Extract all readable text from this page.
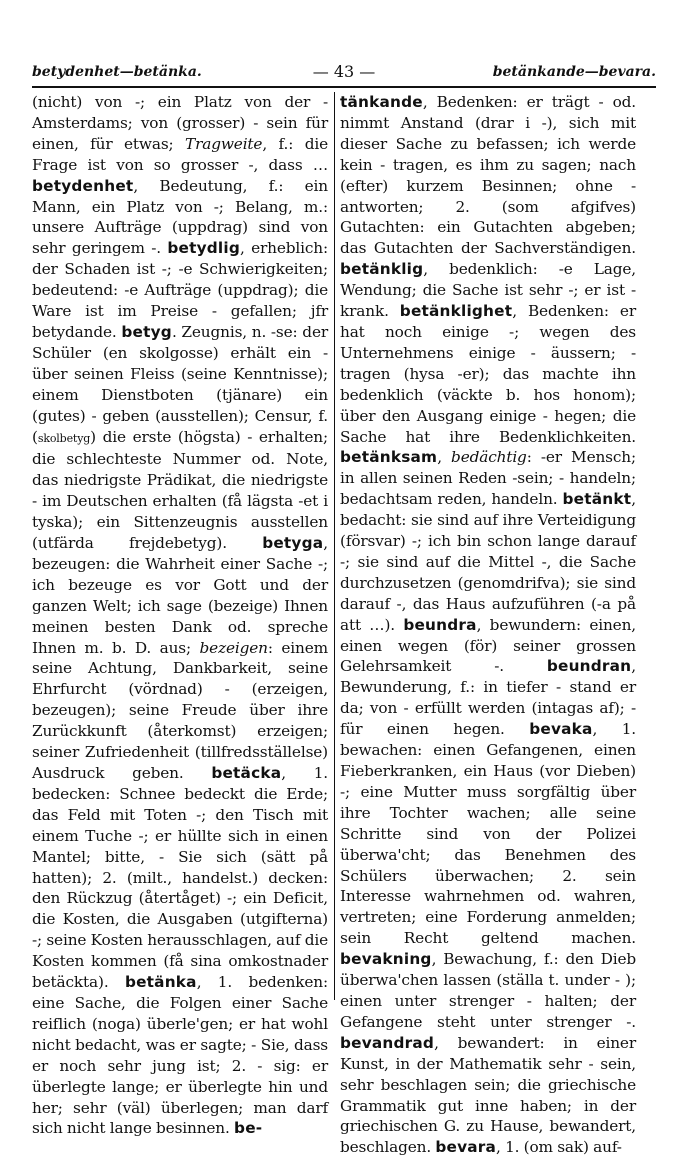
betydenhet—betänka.	— 43 —	betänkande—bevara.

(nicht) von -; ein Platz von der - Amsterdams; von (grosser) - sein für einen, für etwas; Tragweite, f.: die Frage ist von so grosser -, dass … betydenhet, Bedeutung, f.: ein Mann, ein Platz von -; Belang, m.: unsere Aufträge (uppdrag) sind von sehr geringem -. betydlig, erheblich: der Schaden ist -; -e Schwierigkeiten; bedeutend: -e Aufträge (uppdrag); die Ware ist im Preise - gefallen; jfr betydande. betyg. Zeugnis, n. -se: der Schüler (en skolgosse) erhält ein - über seinen Fleiss (seine Kenntnisse); einem Dienstboten (tjänare) ein (gutes) - geben (ausstellen); Censur, f. (skolbetyg) die erste (högsta) - erhalten; die schlechteste Nummer od. Note, das niedrigste Prädikat, die niedrigste - im Deutschen erhalten (få lägsta -et i tyska); ein Sittenzeugnis ausstellen (utfärda frejdebetyg). betyga, bezeugen: die Wahrheit einer Sache -; ich bezeuge es vor Gott und der ganzen Welt; ich sage (bezeige) Ihnen meinen besten Dank od. spreche Ihnen m. b. D. aus; bezeigen: einem seine Achtung, Dankbarkeit, seine Ehrfurcht (vördnad) - (erzeigen, bezeugen); seine Freude über ihre Zurückkunft (återkomst) erzeigen; seiner Zufriedenheit (tillfredsställelse) Ausdruck geben. betäcka, 1. bedecken: Schnee bedeckt die Erde; das Feld mit Toten -; den Tisch mit einem Tuche -; er hüllte sich in einen Mantel; bitte, - Sie sich (sätt på hatten); 2. (milt., handelst.) decken: den Rückzug (återtåget) -; ein Deficit, die Kosten, die Ausgaben (utgifterna) -; seine Kosten herausschlagen, auf die Kosten kommen (få sina omkostnader betäckta). betänka, 1. bedenken: eine Sache, die Folgen einer Sache reiflich (noga) überle'gen; er hat wohl nicht bedacht, was er sagte; - Sie, dass er noch sehr jung ist; 2. - sig: er überlegte lange; er überlegte hin und her; sehr (väl) überlegen; man darf sich nicht lange besinnen. be-

tänkande, Bedenken: er trägt - od. nimmt Anstand (drar i -), sich mit dieser Sache zu befassen; ich werde kein - tragen, es ihm zu sagen; nach (efter) kurzem Besinnen; ohne - antworten; 2. (som afgifves) Gutachten: ein Gutachten abgeben; das Gutachten der Sachverständigen. betänklig, bedenklich: -e Lage, Wendung; die Sache ist sehr -; er ist - krank. betänklighet, Bedenken: er hat noch einige -; wegen des Unternehmens einige - äussern; - tragen (hysa -er); das machte ihn bedenklich (väckte b. hos honom); über den Ausgang einige - hegen; die Sache hat ihre Bedenklichkeiten. betänksam, bedächtig: -er Mensch; in allen seinen Reden -sein; - handeln; bedachtsam reden, handeln. betänkt, bedacht: sie sind auf ihre Verteidigung (försvar) -; ich bin schon lange darauf -; sie sind auf die Mittel -, die Sache durchzusetzen (genomdrifva); sie sind darauf -, das Haus aufzuführen (-a på att …). beundra, bewundern: einen, einen wegen (för) seiner grossen Gelehrsamkeit -. beundran, Bewunderung, f.: in tiefer - stand er da; von - erfüllt werden (intagas af); - für einen hegen. bevaka, 1. bewachen: einen Gefangenen, einen Fieberkranken, ein Haus (vor Dieben) -; eine Mutter muss sorgfältig über ihre Tochter wachen; alle seine Schritte sind von der Polizei überwa'cht; das Benehmen des Schülers überwachen; 2. sein Interesse wahrnehmen od. wahren, vertreten; eine Forderung anmelden; sein Recht geltend machen. bevakning, Bewachung, f.: den Dieb überwa'chen lassen (ställa t. under - ); einen unter strenger - halten; der Gefangene steht unter strenger -. bevandrad, bewandert: in einer Kunst, in der Mathematik sehr - sein, sehr beschlagen sein; die griechische Grammatik gut inne haben; in der griechischen G. zu Hause, bewandert, beschlagen. bevara, 1. (om sak) auf-
